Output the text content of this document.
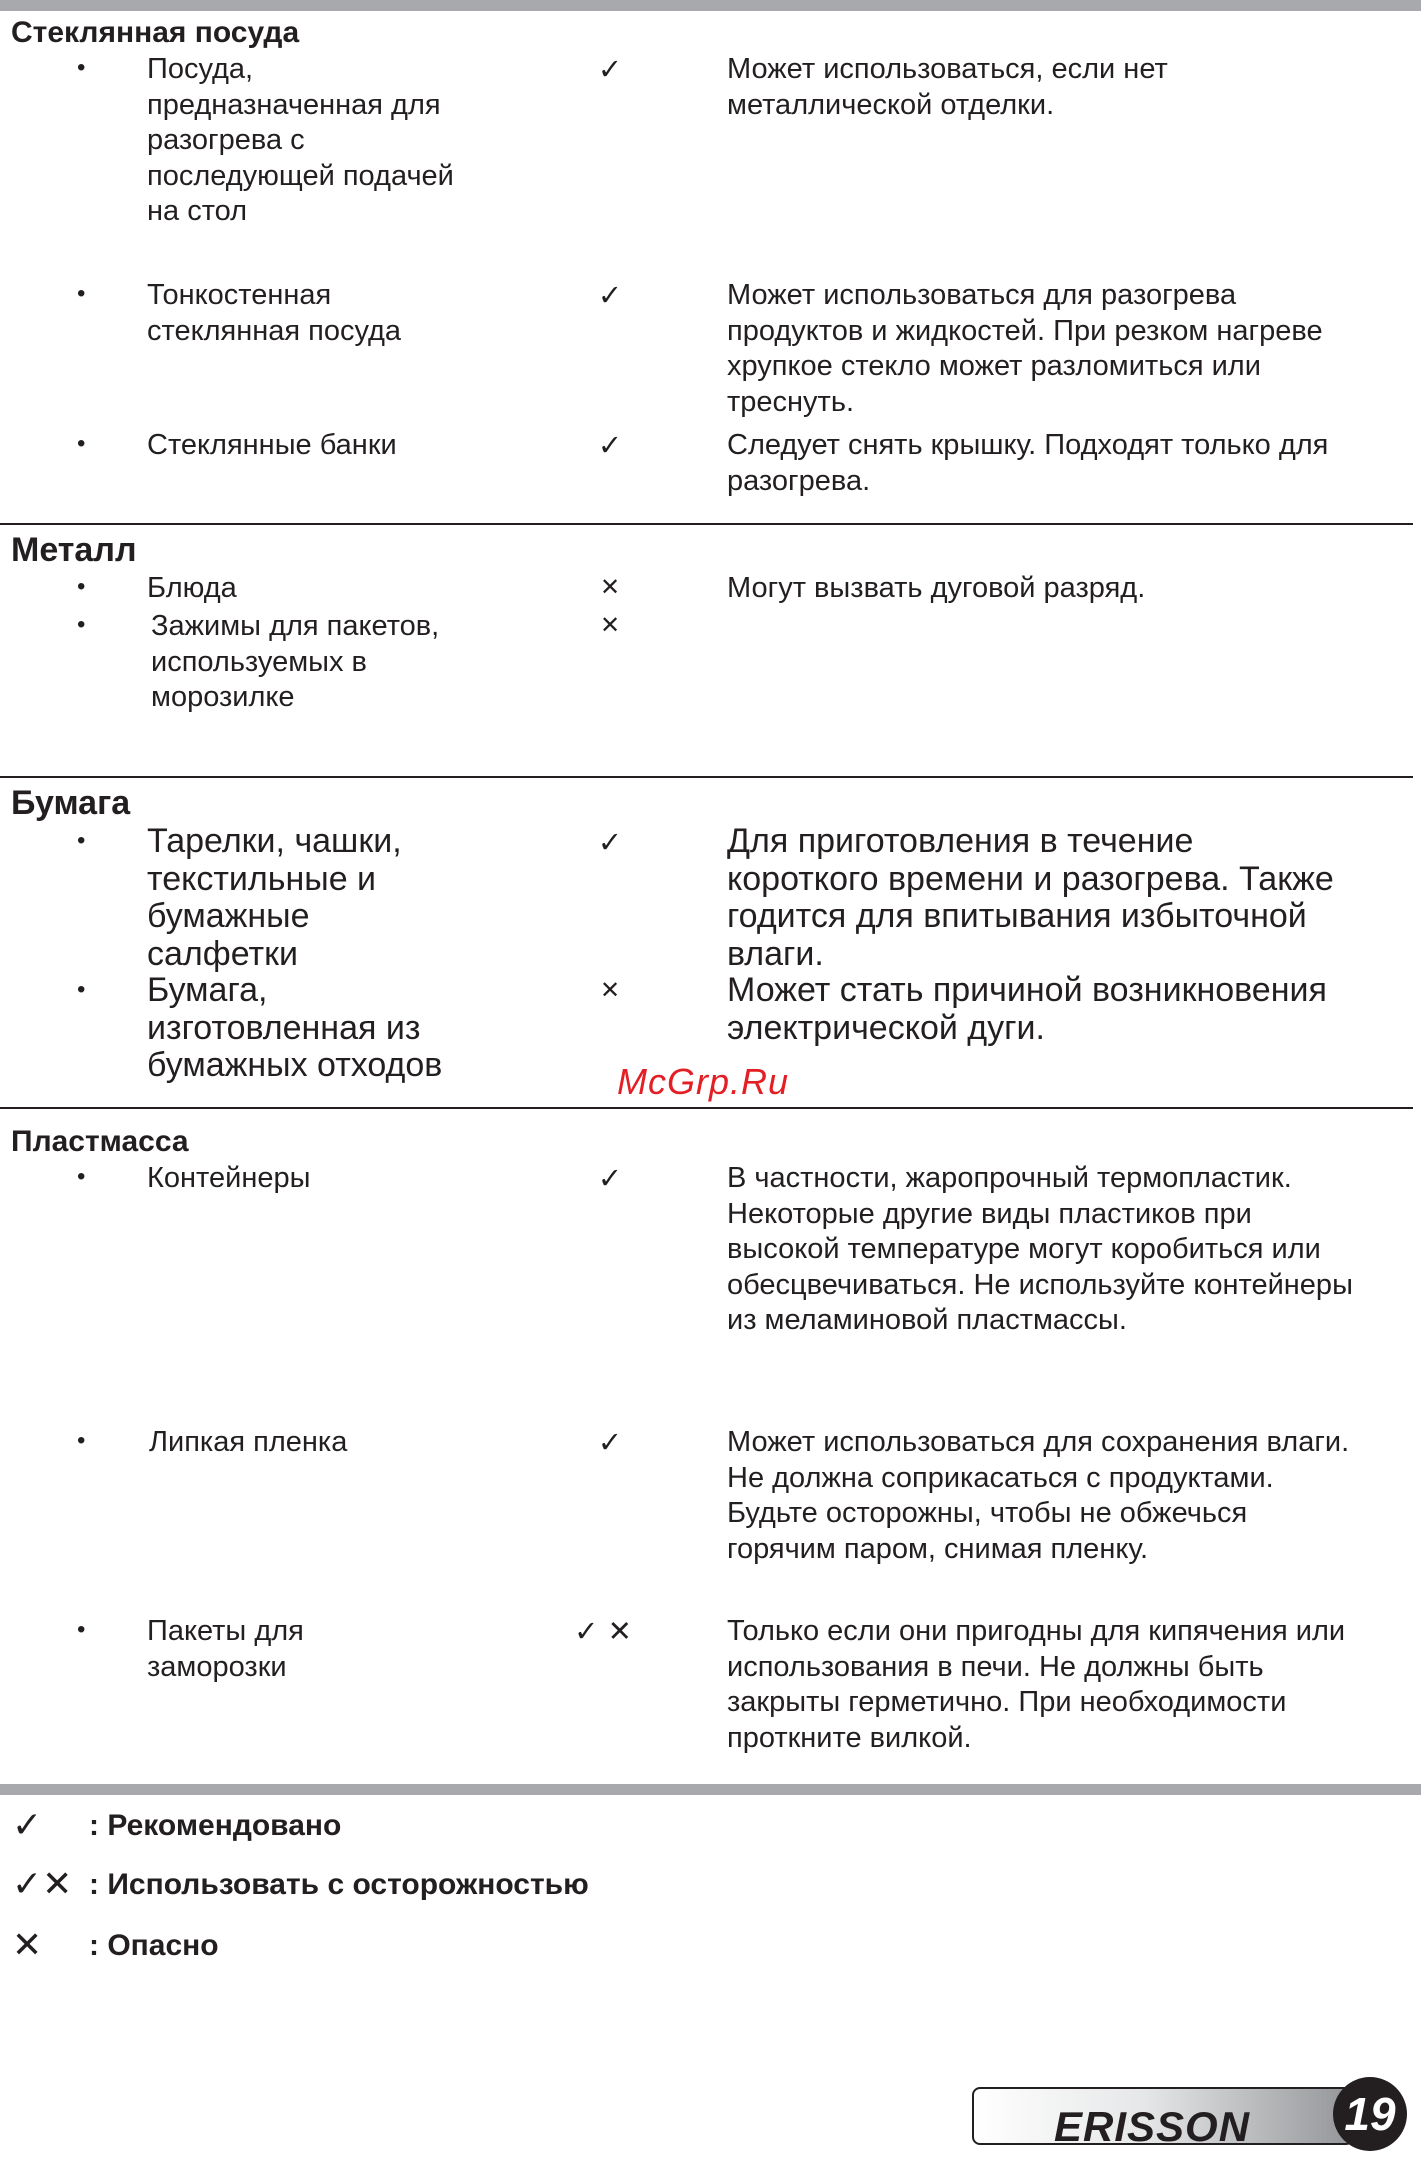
Стеклянная посуда
• Посуда,
предназначенная для
разогрева с
последующей подачей
на стол
✓	Может использоваться, если нет
металлической отделки.
• Тонкостенная
стеклянная посуда
✓	Может использоваться для разогрева
продуктов и жидкостей. При резком нагреве
хрупкое стекло может разломиться или
треснуть.
• Стеклянные банки	✓	Следует снять крышку. Подходят только для
разогрева.
Металл
• Блюда	✕	Могут вызвать дуговой разряд.
• Зажимы для пакетов,
используемых в
морозилке
✕
Бумага
• Тарелки, чашки,
текстильные и
бумажные
салфетки
✓	Для приготовления в течение
короткого времени и разогрева. Также
годится для впитывания избыточной
влаги.
• Бумага,
изготовленная из
бумажных отходов
✕	Может стать причиной возникновения
электрической дуги.
McGrp.Ru
Пластмасса
• Контейнеры	✓	В частности, жаропрочный термопластик.
Некоторые другие виды пластиков при
высокой температуре могут коробиться или
обесцвечиваться. Не используйте контейнеры
из меламиновой пластмассы.
• Липкая пленка	✓	Может использоваться для сохранения влаги.
Не должна соприкасаться с продуктами.
Будьте осторожны, чтобы не обжечься
горячим паром, снимая пленку.
• Пакеты для
заморозки
✓ ✕	Только если они пригодны для кипячения или
использования в печи. Не должны быть
закрыты герметично. При необходимости
проткните вилкой.
✓	: Рекомендовано
✓✕ : Использовать с осторожностью
✕	: Опасно
ERISSON 19
